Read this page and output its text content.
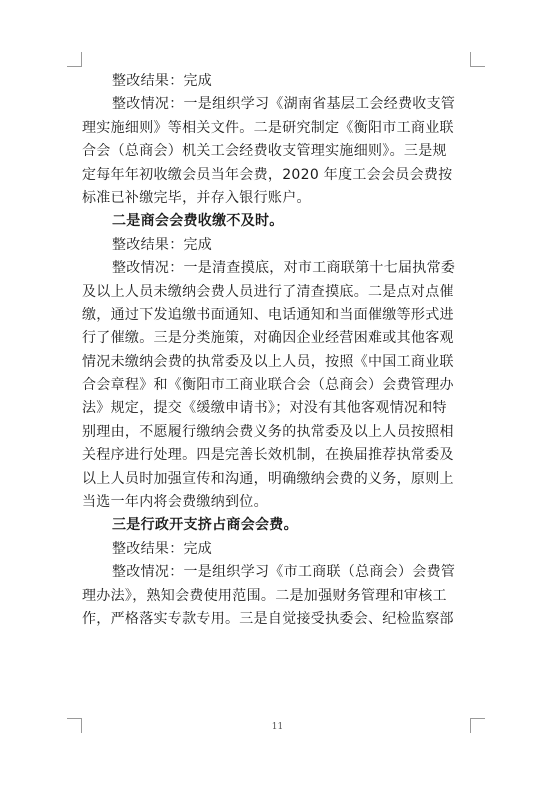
整改结果：完成
整改情况：一是组织学习《湖南省基层工会经费收支管
理实施细则》等相关文件。二是研究制定《衡阳市工商业联
合会（总商会）机关工会经费收支管理实施细则》。三是规
定每年年初收缴会员当年会费，2020 年度工会会员会费按
标准已补缴完毕，并存入银行账户。
二是商会会费收缴不及时。
整改结果：完成
整改情况：一是清查摸底，对市工商联第十七届执常委
及以上人员未缴纳会费人员进行了清查摸底。二是点对点催
缴，通过下发追缴书面通知、电话通知和当面催缴等形式进
行了催缴。三是分类施策，对确因企业经营困难或其他客观
情况未缴纳会费的执常委及以上人员，按照《中国工商业联
合会章程》和《衡阳市工商业联合会（总商会）会费管理办
法》规定，提交《缓缴申请书》；对没有其他客观情况和特
别理由，不愿履行缴纳会费义务的执常委及以上人员按照相
关程序进行处理。四是完善长效机制，在换届推荐执常委及
以上人员时加强宣传和沟通，明确缴纳会费的义务，原则上
当选一年内将会费缴纳到位。
三是行政开支挤占商会会费。
整改结果：完成
整改情况：一是组织学习《市工商联（总商会）会费管
理办法》，熟知会费使用范围。二是加强财务管理和审核工
作，严格落实专款专用。三是自觉接受执委会、纪检监察部
11
